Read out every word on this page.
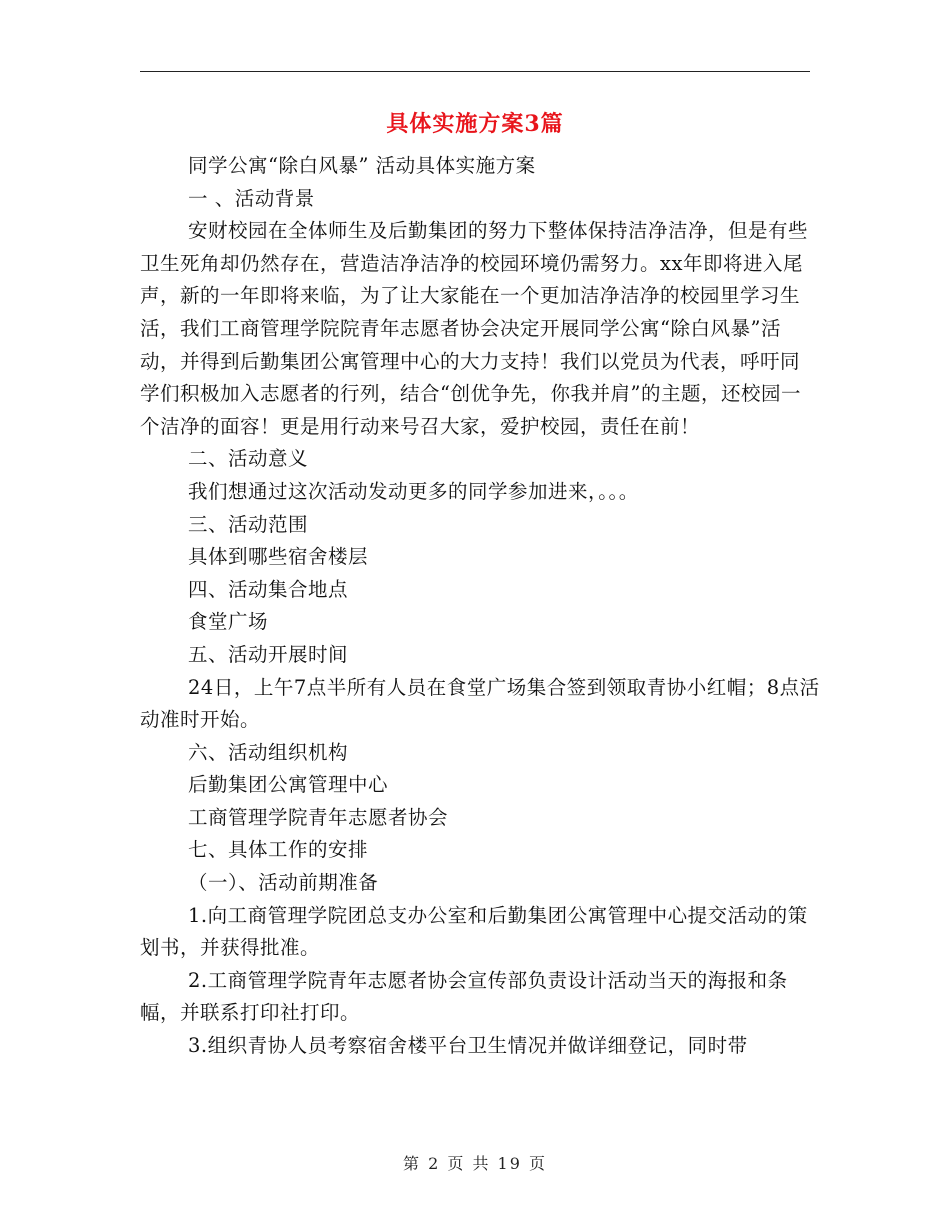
具体实施方案3篇

同学公寓“除白风暴” 活动具体实施方案

一 、活动背景

安财校园在全体师生及后勤集团的努力下整体保持洁净洁净，但是有些卫生死角却仍然存在，营造洁净洁净的校园环境仍需努力。xx年即将进入尾声，新的一年即将来临，为了让大家能在一个更加洁净洁净的校园里学习生活，我们工商管理学院院青年志愿者协会决定开展同学公寓“除白风暴”活动，并得到后勤集团公寓管理中心的大力支持！我们以党员为代表，呼吁同学们积极加入志愿者的行列，结合“创优争先，你我并肩”的主题，还校园一个洁净的面容！更是用行动来号召大家，爱护校园，责任在前！

二、活动意义

我们想通过这次活动发动更多的同学参加进来，。。。

三、活动范围

具体到哪些宿舍楼层

四、活动集合地点

食堂广场

五、活动开展时间

24日，上午7点半所有人员在食堂广场集合签到领取青协小红帽；8点活动准时开始。

六、活动组织机构

后勤集团公寓管理中心

工商管理学院青年志愿者协会

七、具体工作的安排

（一）、活动前期准备

1.向工商管理学院团总支办公室和后勤集团公寓管理中心提交活动的策划书，并获得批准。

2.工商管理学院青年志愿者协会宣传部负责设计活动当天的海报和条幅，并联系打印社打印。

3.组织青协人员考察宿舍楼平台卫生情况并做详细登记，同时带

第 2 页 共 19 页
